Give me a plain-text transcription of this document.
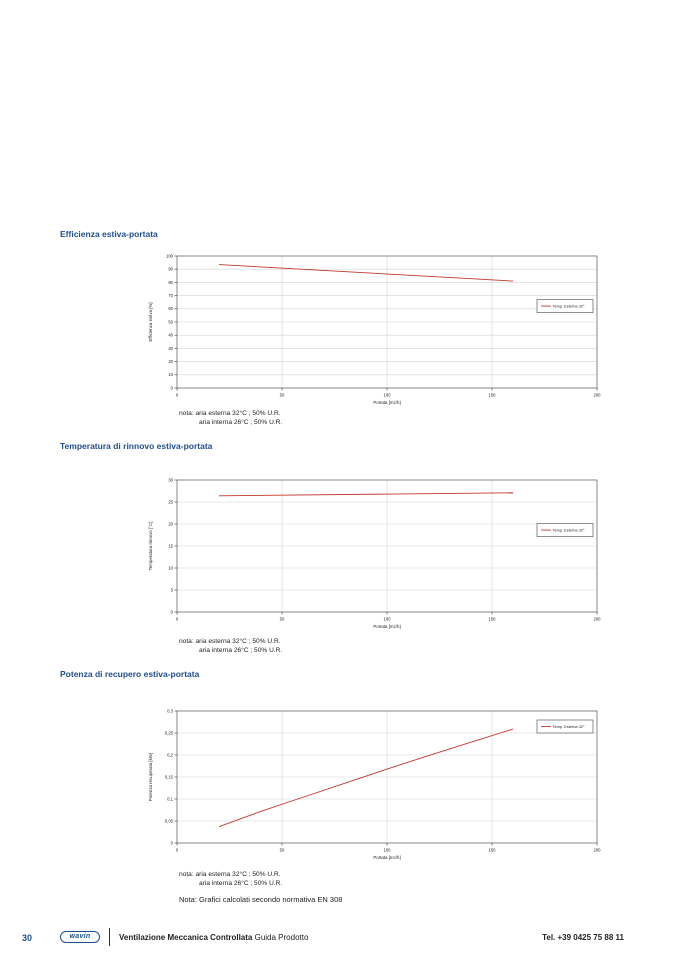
Efficienza estiva-portata
0	50	100	150	200
0
10
20
30
40
50
60
70
80
90
100
Portata [mc/h]
Efficienza estiva [%]	Temp. Esterna 32°
nota: aria esterna 32°C ; 50% U.R.
aria interna 26°C ; 50% U.R.
Temperatura di rinnovo estiva-portata
0	50	100	150	200
0
5
10
15
20
25
30
Portata [mc/h]
Temperatura rinnovo [°C]	Temp. Esterna 32°
nota: aria esterna 32°C ; 50% U.R.
aria interna 26°C ; 50% U.R.
Potenza di recupero estiva-portata
0	50	100	150	200
0
0,05
0,1
0,15
0,2
0,25
0,3
Portata [mc/h]
Potenza recuperata [kW]
Temp. Esterna 32°
nota: aria esterna 32°C ; 50% U.R.
aria interna 26°C ; 50% U.R.
Nota: Grafici calcolati secondo normativa EN 308
30	wavin	Ventilazione Meccanica Controllata Guida Prodotto	Tel. +39 0425 75 88 11
